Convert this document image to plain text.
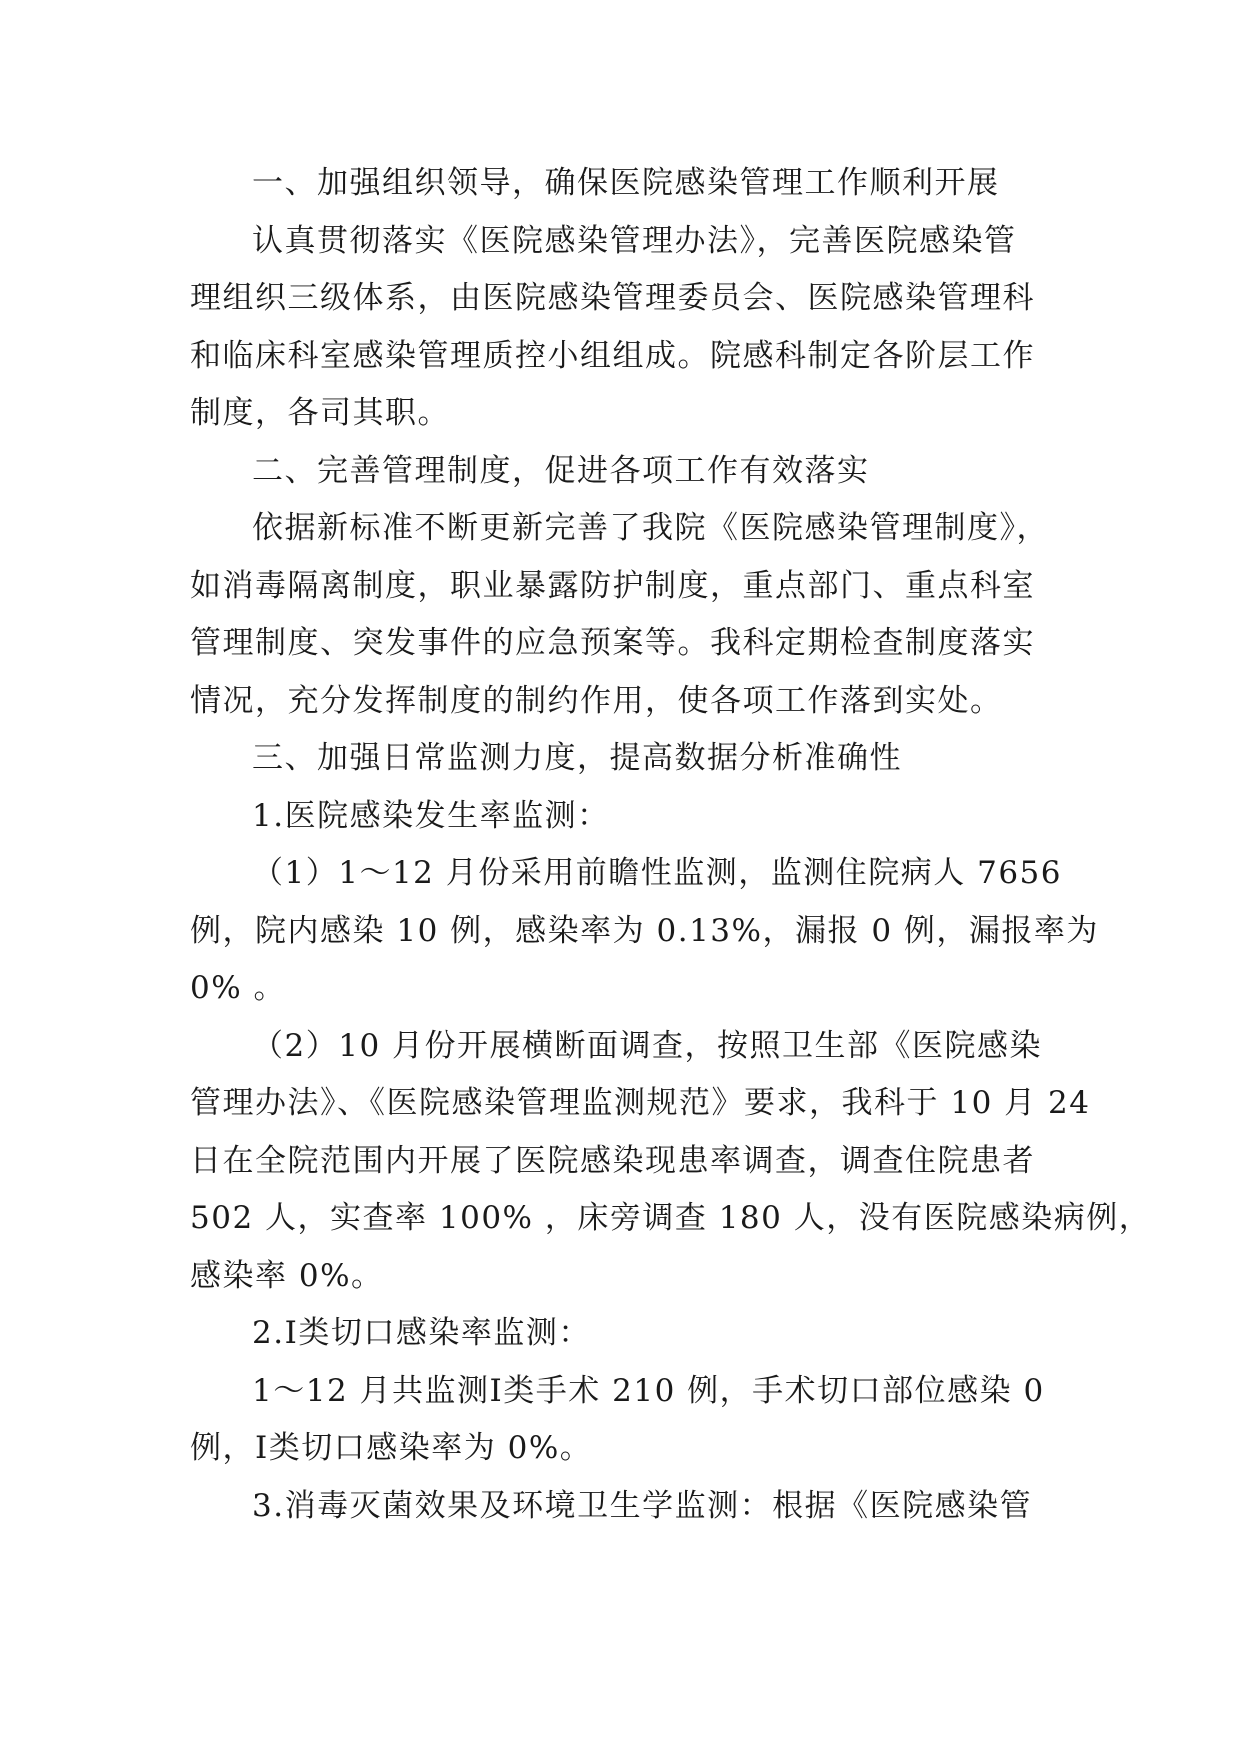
一、加强组织领导，确保医院感染管理工作顺利开展

认真贯彻落实《医院感染管理办法》，完善医院感染管
理组织三级体系，由医院感染管理委员会、医院感染管理科
和临床科室感染管理质控小组组成。院感科制定各阶层工作
制度，各司其职。

二、完善管理制度，促进各项工作有效落实

依据新标准不断更新完善了我院《医院感染管理制度》，
如消毒隔离制度，职业暴露防护制度，重点部门、重点科室
管理制度、突发事件的应急预案等。我科定期检查制度落实
情况，充分发挥制度的制约作用，使各项工作落到实处。

三、加强日常监测力度，提高数据分析准确性

1.医院感染发生率监测：

（1）1～12 月份采用前瞻性监测，监测住院病人 7656
例，院内感染 10 例，感染率为 0.13%，漏报 0 例，漏报率为
0% 。

（2）10 月份开展横断面调查，按照卫生部《医院感染
管理办法》、《医院感染管理监测规范》要求，我科于 10 月 24
日在全院范围内开展了医院感染现患率调查，调查住院患者
502 人，实查率 100% ，床旁调查 180 人，没有医院感染病例，
感染率 0%。

2.Ⅰ类切口感染率监测：

1～12 月共监测Ⅰ类手术 210 例，手术切口部位感染 0
例，Ⅰ类切口感染率为 0%。

3.消毒灭菌效果及环境卫生学监测：根据《医院感染管
